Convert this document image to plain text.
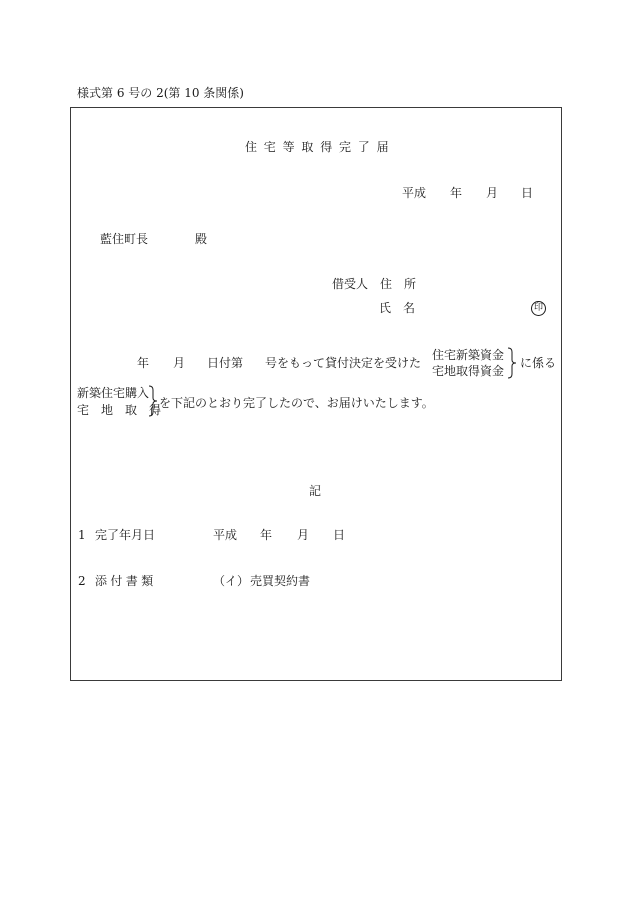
様式第 6 号の 2(第 10 条関係)
住宅等取得完了届
平成 年 月 日
藍住町長	殿
借受人 住　所
氏　名	印
年 月 日付第 号をもって貸付決定を受けた
住宅新築資金
宅地取得資金
に係る
新築住宅購入
宅　地　取　得
を下記のとおり完了したので、お届けいたします。
記
1 完了年月日	平成 年 月 日
2 添付書類	（イ） 売買契約書
